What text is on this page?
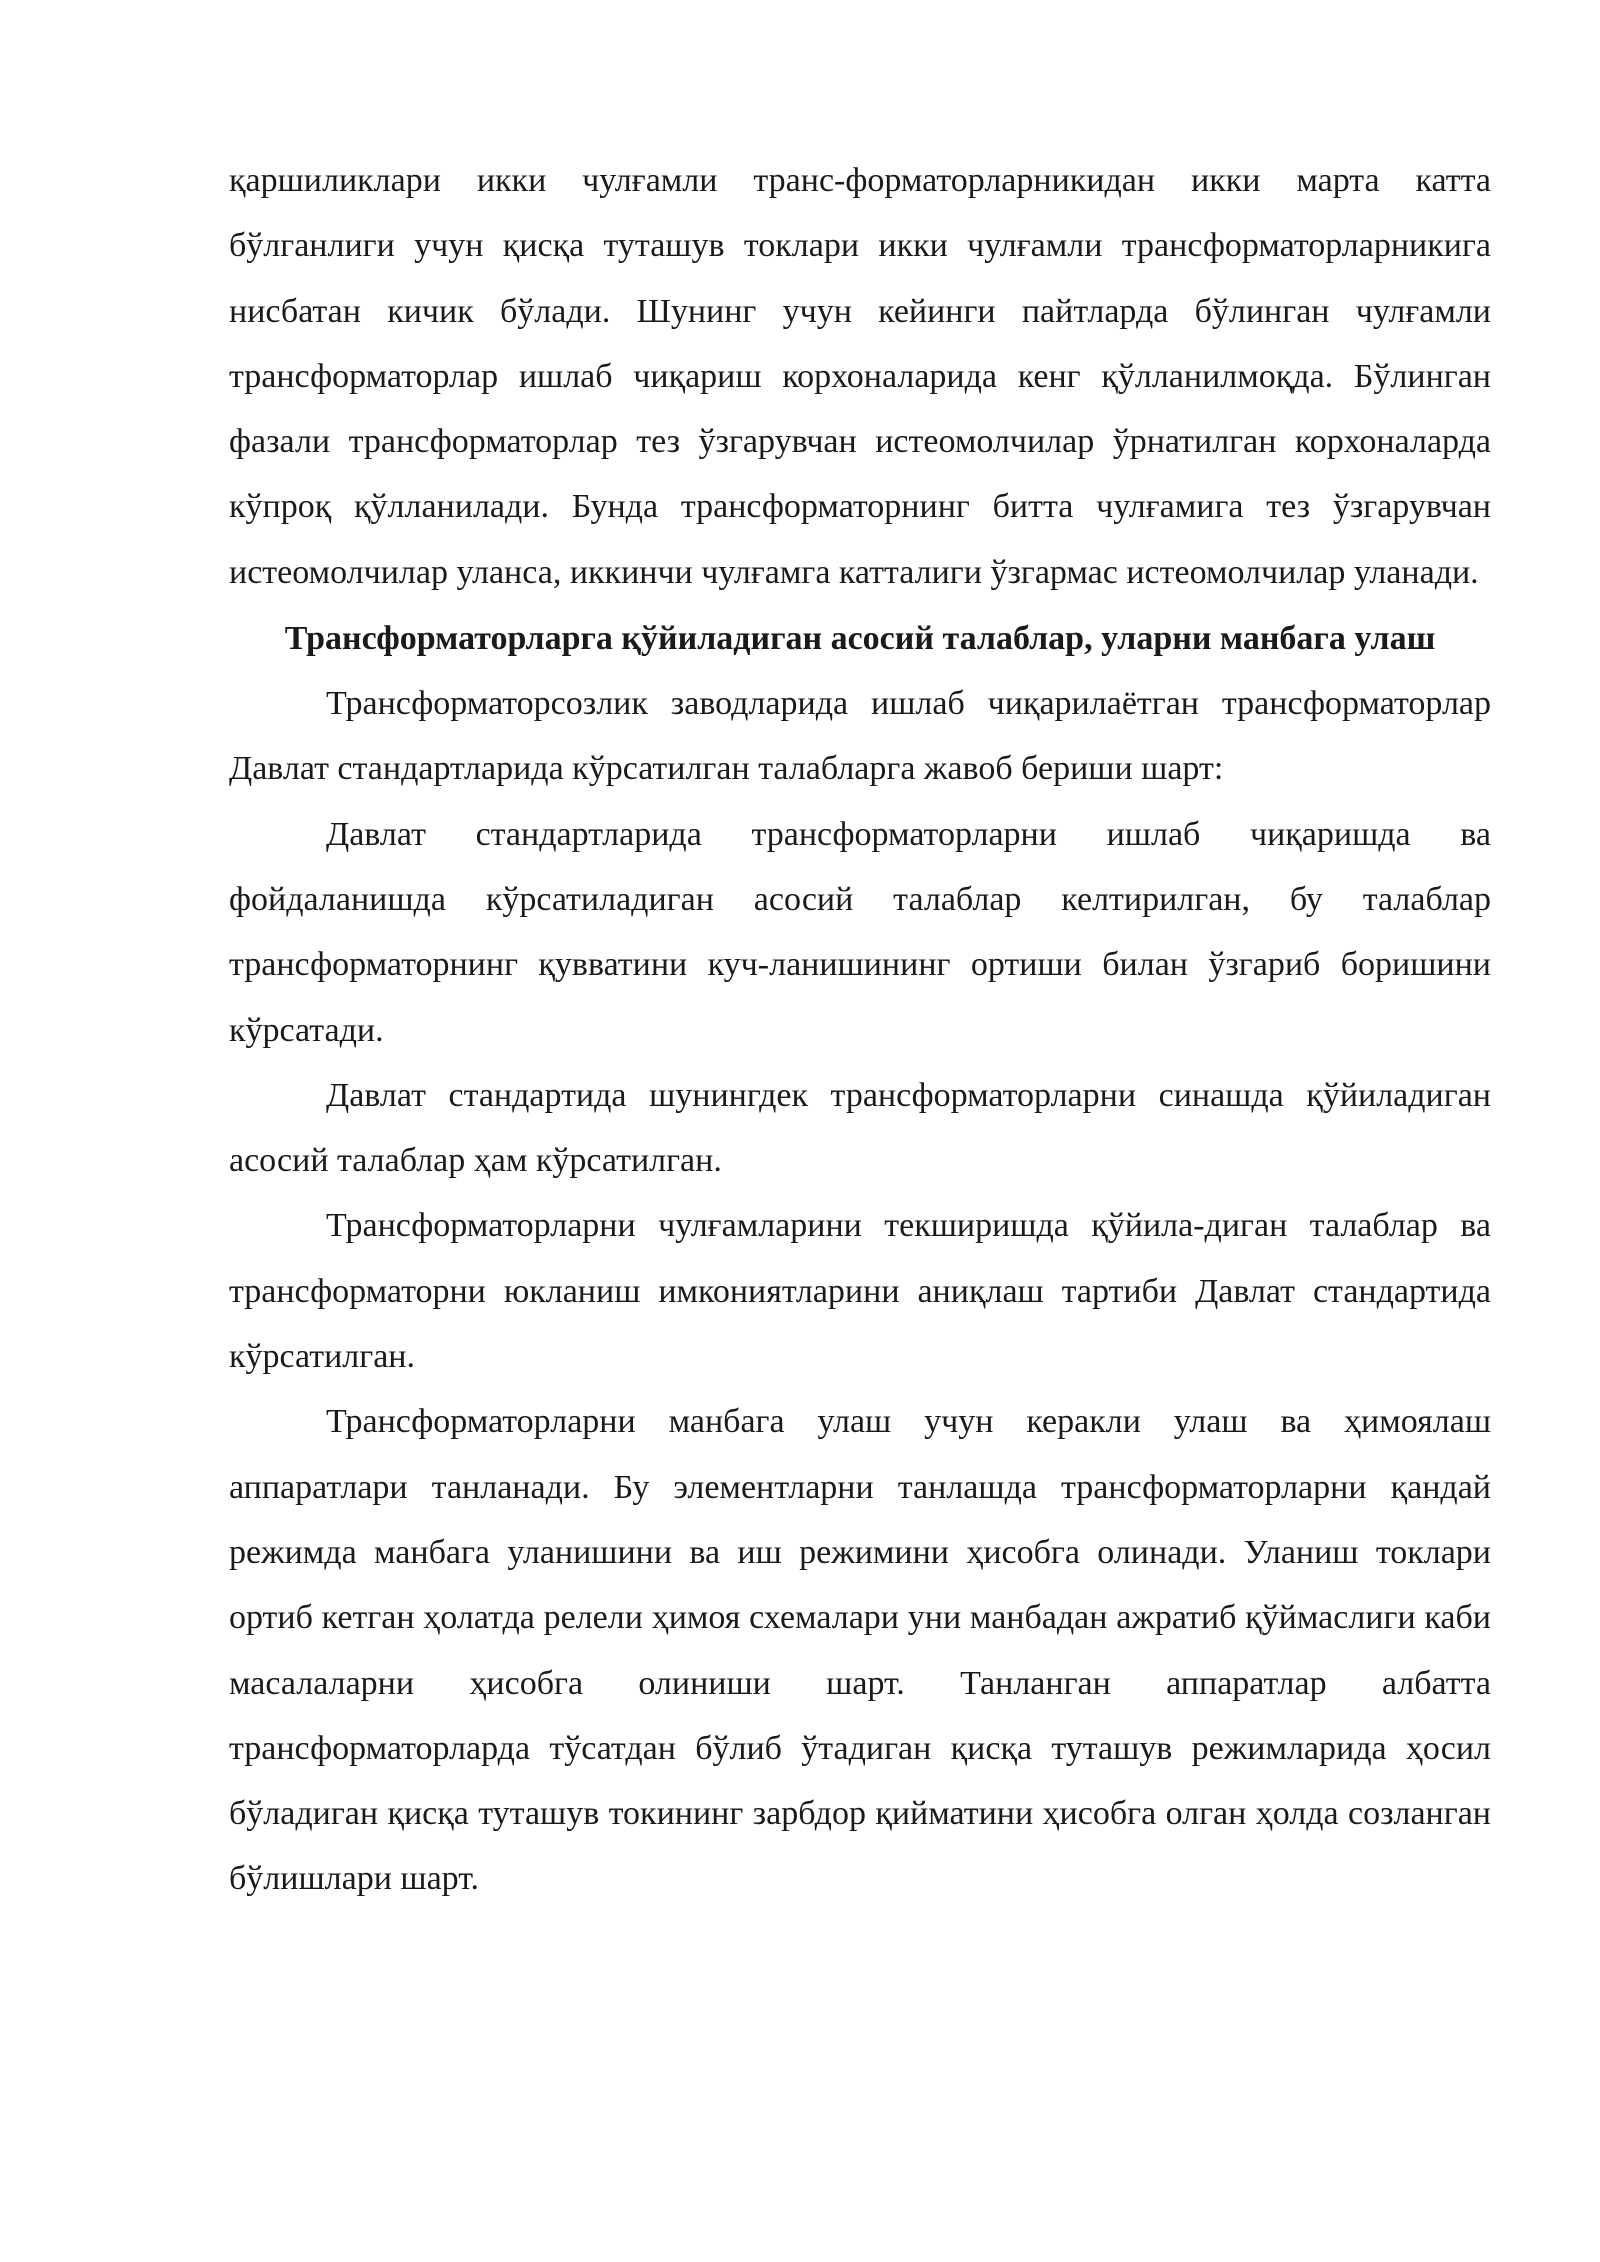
қаршиликлари икки чулғамли транс-форматорларникидан икки марта катта бўлганлиги учун қисқа туташув токлари икки чулғамли трансформаторларникига нисбатан кичик бўлади. Шунинг учун кейинги пайтларда бўлинган чулғамли трансформаторлар ишлаб чиқариш корхоналарида кенг қўлланилмоқда. Бўлинган фазали трансформаторлар тез ўзгарувчан истеомолчилар ўрнатилган корхоналарда кўпроқ қўлланилади. Бунда трансформаторнинг битта чулғамига тез ўзгарувчан истеомолчилар уланса, иккинчи чулғамга катталиги ўзгармас истеомолчилар уланади.

Трансформаторларга қўйиладиган асосий талаблар, уларни манбага улаш

Трансформаторсозлик заводларида ишлаб чиқарилаётган трансформаторлар Давлат стандартларида кўрсатилган талабларга жавоб бериши шарт:

Давлат стандартларида трансформаторларни ишлаб чиқаришда ва фойдаланишда кўрсатиладиган асосий талаблар келтирилган, бу талаблар трансформаторнинг қувватини куч-ланишининг ортиши билан ўзгариб боришини кўрсатади.

Давлат стандартида шунингдек трансформаторларни синашда қўйиладиган асосий талаблар ҳам кўрсатилган.

Трансформаторларни чулғамларини текширишда қўйила-диган талаблар ва трансформаторни юкланиш имкониятларини аниқлаш тартиби Давлат стандартида кўрсатилган.

Трансформаторларни манбага улаш учун керакли улаш ва ҳимоялаш аппаратлари танланади. Бу элементларни танлашда трансформаторларни қандай режимда манбага уланишини ва иш режимини ҳисобга олинади. Уланиш токлари ортиб кетган ҳолатда релели ҳимоя схемалари уни манбадан ажратиб қўймаслиги каби масалаларни ҳисобга олиниши шарт. Танланган аппаратлар албатта трансформаторларда тўсатдан бўлиб ўтадиган қисқа туташув режимларида ҳосил бўладиган қисқа туташув токининг зарбдор қийматини ҳисобга олган ҳолда созланган бўлишлари шарт.
